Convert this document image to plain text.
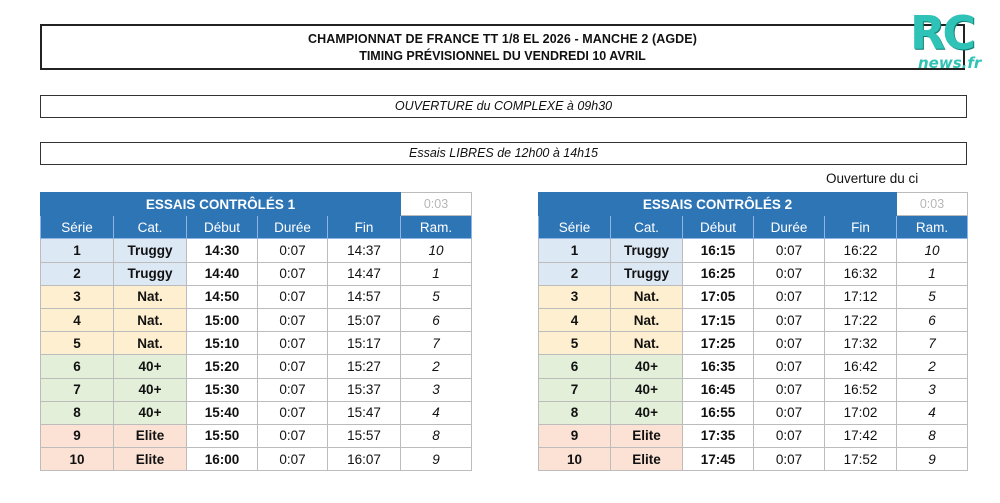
CHAMPIONNAT DE FRANCE TT 1/8 EL 2026 - MANCHE 2 (AGDE)
TIMING PRÉVISIONNEL DU VENDREDI 10 AVRIL	RC
news.fr
OUVERTURE du COMPLEXE à 09h30
Essais LIBRES de 12h00 à 14h15
Ouverture du ci
ESSAIS CONTRÔLÉS 1					0:03
Série	Cat.	Début	Durée	Fin	Ram.
1	Truggy	14:30	0:07	14:37	10
2	Truggy	14:40	0:07	14:47	1
3	Nat.	14:50	0:07	14:57	5
4	Nat.	15:00	0:07	15:07	6
5	Nat.	15:10	0:07	15:17	7
6	40+	15:20	0:07	15:27	2
7	40+	15:30	0:07	15:37	3
8	40+	15:40	0:07	15:47	4
9	Elite	15:50	0:07	15:57	8
10	Elite	16:00	0:07	16:07	9
ESSAIS CONTRÔLÉS 2					0:03
Série	Cat.	Début	Durée	Fin	Ram.
1	Truggy	16:15	0:07	16:22	10
2	Truggy	16:25	0:07	16:32	1
3	Nat.	17:05	0:07	17:12	5
4	Nat.	17:15	0:07	17:22	6
5	Nat.	17:25	0:07	17:32	7
6	40+	16:35	0:07	16:42	2
7	40+	16:45	0:07	16:52	3
8	40+	16:55	0:07	17:02	4
9	Elite	17:35	0:07	17:42	8
10	Elite	17:45	0:07	17:52	9
